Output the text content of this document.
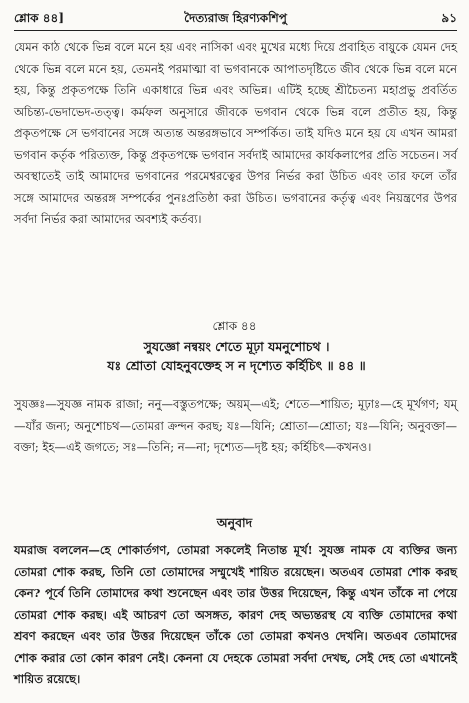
শ্লোক ৪৪]	দৈত্যরাজ হিরণ্যকশিপু	৯১
যেমন কাঠ থেকে ভিন্ন বলে মনে হয় এবং নাসিকা এবং মুখের মধ্যে দিয়ে প্রবাহিত বায়ুকে যেমন দেহ থেকে ভিন্ন বলে মনে হয়, তেমনই পরমাত্মা বা ভগবানকে আপাতদৃষ্টিতে জীব থেকে ভিন্ন বলে মনে হয়, কিন্তু প্রকৃতপক্ষে তিনি একাধারে ভিন্ন এবং অভিন্ন। এটিই হচ্ছে শ্রীচৈতন্য মহাপ্রভু প্রবর্তিত অচিন্ত্য-ভেদাভেদ-তত্ত্ব। কর্মফল অনুসারে জীবকে ভগবান থেকে ভিন্ন বলে প্রতীত হয়, কিন্তু প্রকৃতপক্ষে সে ভগবানের সঙ্গে অত্যন্ত অন্তরঙ্গভাবে সম্পর্কিত। তাই যদিও মনে হয় যে এখন আমরা ভগবান কর্তৃক পরিত্যক্ত, কিন্তু প্রকৃতপক্ষে ভগবান সর্বদাই আমাদের কার্যকলাপের প্রতি সচেতন। সর্ব অবস্থাতেই তাই আমাদের ভগবানের পরমেশ্বরত্বের উপর নির্ভর করা উচিত এবং তার ফলে তাঁর সঙ্গে আমাদের অন্তরঙ্গ সম্পর্কের পুনঃপ্রতিষ্ঠা করা উচিত। ভগবানের কর্তৃত্ব এবং নিয়ন্ত্রণের উপর সর্বদা নির্ভর করা আমাদের অবশ্যই কর্তব্য।
শ্লোক ৪৪
সুযজ্ঞো নন্বয়ং শেতে মূঢ়া যমনুশোচথ ।
যঃ শ্রোতা যোহনুবক্তেহ স ন দৃশ্যেত কর্হিচিৎ ॥ ৪৪ ॥
সুযজ্ঞঃ—সুযজ্ঞ নামক রাজা; ননু—বস্তুতপক্ষে; অয়ম্—এই; শেতে—শায়িত; মূঢ়াঃ—হে মূর্খগণ; যম্—যাঁর জন্য; অনুশোচথ—তোমরা ক্রন্দন করছ; যঃ—যিনি; শ্রোতা—শ্রোতা; যঃ—যিনি; অনুবক্তা—বক্তা; ইহ—এই জগতে; সঃ—তিনি; ন—না; দৃশ্যেত—দৃষ্ট হয়; কর্হিচিৎ—কখনও।
অনুবাদ
যমরাজ বললেন—হে শোকার্তগণ, তোমরা সকলেই নিতান্ত মূর্খ! সুযজ্ঞ নামক যে ব্যক্তির জন্য তোমরা শোক করছ, তিনি তো তোমাদের সম্মুখেই শায়িত রয়েছেন। অতএব তোমরা শোক করছ কেন? পূর্বে তিনি তোমাদের কথা শুনেছেন এবং তার উত্তর দিয়েছেন, কিন্তু এখন তাঁকে না পেয়ে তোমরা শোক করছ। এই আচরণ তো অসঙ্গত, কারণ দেহ অভ্যন্তরস্থ যে ব্যক্তি তোমাদের কথা শ্রবণ করছেন এবং তার উত্তর দিয়েছেন তাঁকে তো তোমরা কখনও দেখনি। অতএব তোমাদের শোক করার তো কোন কারণ নেই। কেননা যে দেহকে তোমরা সর্বদা দেখছ, সেই দেহ তো এখানেই শায়িত রয়েছে।
